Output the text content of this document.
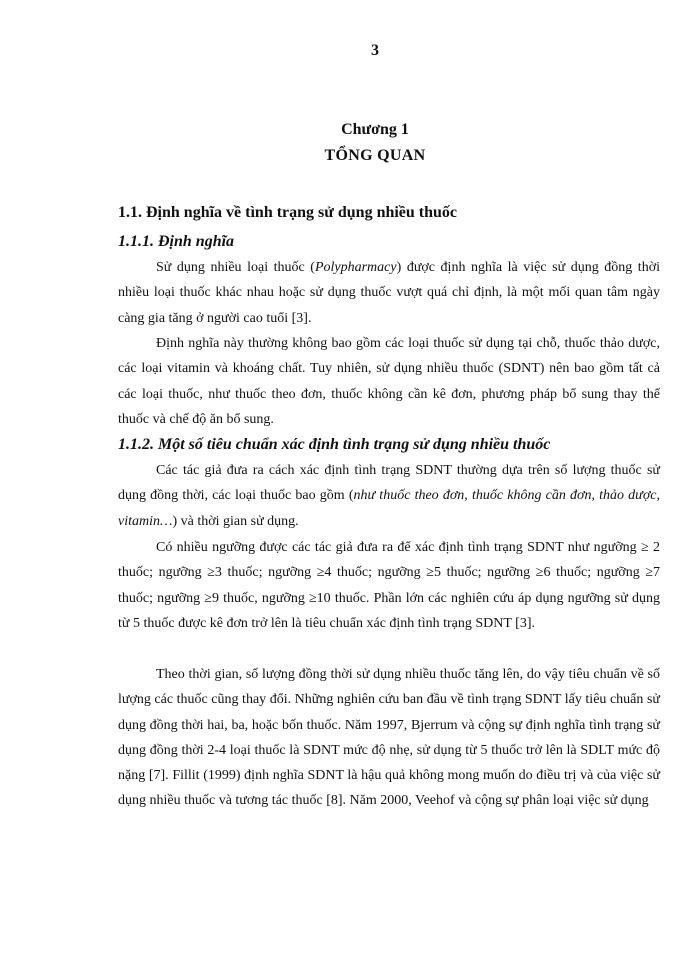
3
Chương 1
TỔNG QUAN
1.1. Định nghĩa về tình trạng sử dụng nhiều thuốc
1.1.1. Định nghĩa

Sử dụng nhiều loại thuốc (Polypharmacy) được định nghĩa là việc sử dụng đồng thời nhiều loại thuốc khác nhau hoặc sử dụng thuốc vượt quá chỉ định, là một mối quan tâm ngày càng gia tăng ở người cao tuổi [3].

Định nghĩa này thường không bao gồm các loại thuốc sử dụng tại chỗ, thuốc thảo dược, các loại vitamin và khoáng chất. Tuy nhiên, sử dụng nhiều thuốc (SDNT) nên bao gồm tất cả các loại thuốc, như thuốc theo đơn, thuốc không cần kê đơn, phương pháp bổ sung thay thế thuốc và chế độ ăn bổ sung.

1.1.2. Một số tiêu chuẩn xác định tình trạng sử dụng nhiều thuốc

Các tác giả đưa ra cách xác định tình trạng SDNT thường dựa trên số lượng thuốc sử dụng đồng thời, các loại thuốc bao gồm (như thuốc theo đơn, thuốc không cần đơn, thảo dược, vitamin…) và thời gian sử dụng.

Có nhiều ngưỡng được các tác giả đưa ra để xác định tình trạng SDNT như ngưỡng ≥ 2 thuốc; ngưỡng ≥3 thuốc; ngưỡng ≥4 thuốc; ngưỡng ≥5 thuốc; ngưỡng ≥6 thuốc; ngưỡng ≥7 thuốc; ngưỡng ≥9 thuốc, ngưỡng ≥10 thuốc. Phần lớn các nghiên cứu áp dụng ngưỡng sử dụng từ 5 thuốc được kê đơn trở lên là tiêu chuẩn xác định tình trạng SDNT [3].

Theo thời gian, số lượng đồng thời sử dụng nhiều thuốc tăng lên, do vậy tiêu chuẩn về số lượng các thuốc cũng thay đổi. Những nghiên cứu ban đầu về tình trạng SDNT lấy tiêu chuẩn sử dụng đồng thời hai, ba, hoặc bốn thuốc. Năm 1997, Bjerrum và cộng sự định nghĩa tình trạng sử dụng đồng thời 2-4 loại thuốc là SDNT mức độ nhẹ, sử dụng từ 5 thuốc trở lên là SDLT mức độ nặng [7]. Fillit (1999) định nghĩa SDNT là hậu quả không mong muốn do điều trị và của việc sử dụng nhiều thuốc và tương tác thuốc [8]. Năm 2000, Veehof và cộng sự phân loại việc sử dụng
